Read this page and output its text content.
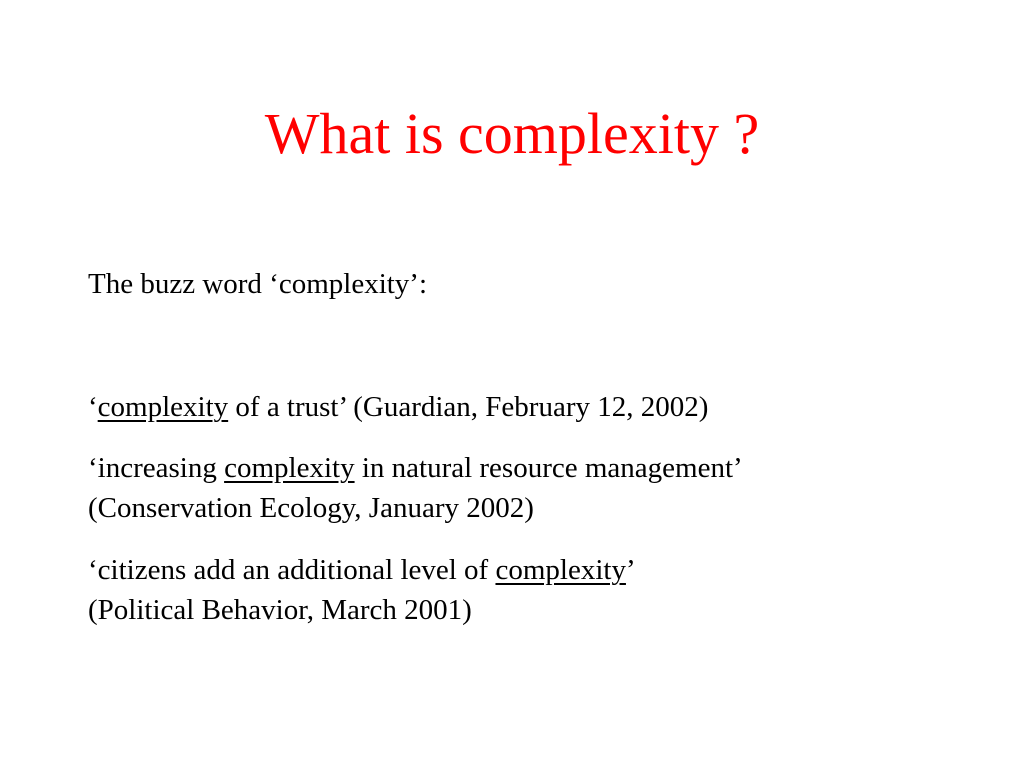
What is complexity ?
The buzz word ‘complexity’:
‘complexity of a trust’ (Guardian, February 12, 2002)
‘increasing complexity in natural resource management’
(Conservation Ecology, January 2002)
‘citizens add an additional level of complexity’
(Political Behavior, March 2001)
